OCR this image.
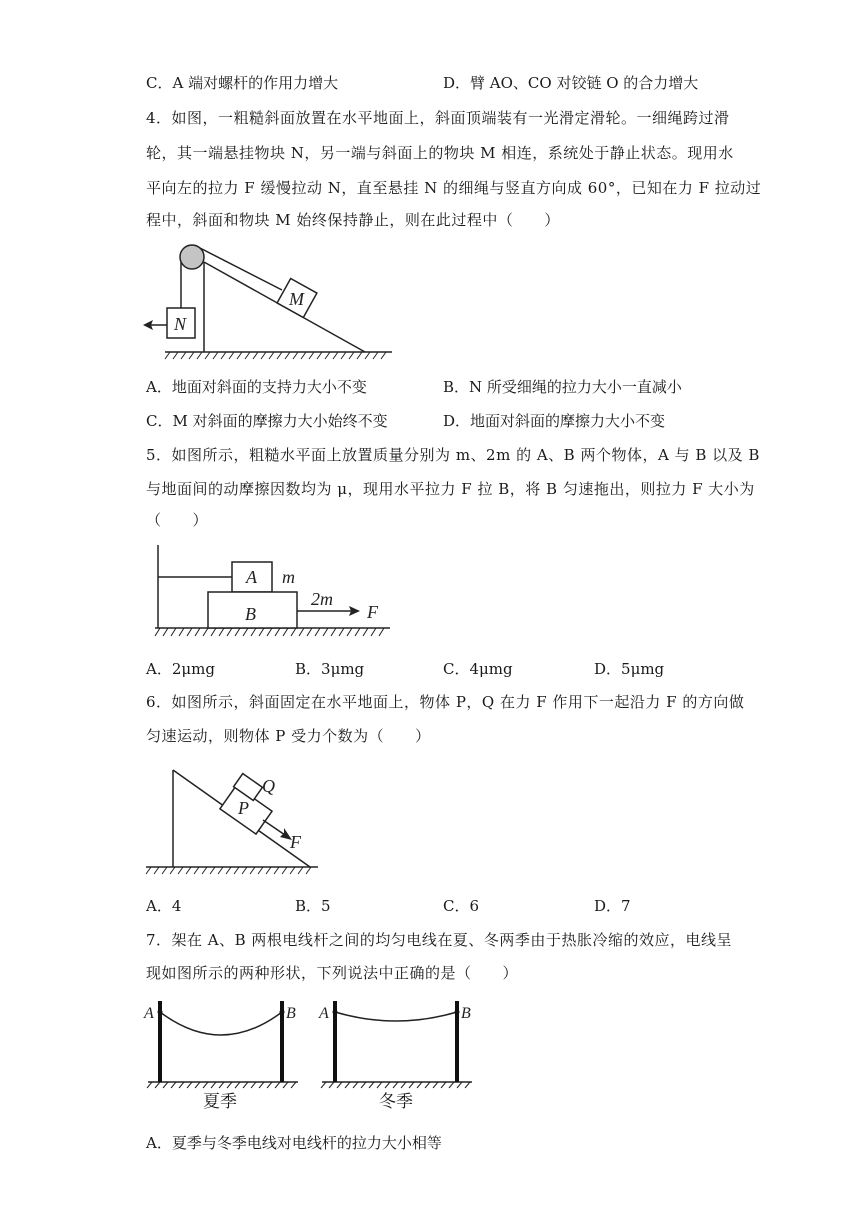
C．A 端对螺杆的作用力增大	D．臂 AO、CO 对铰链 O 的合力增大
4．如图，一粗糙斜面放置在水平地面上，斜面顶端装有一光滑定滑轮。一细绳跨过滑
轮，其一端悬挂物块 N，另一端与斜面上的物块 M 相连，系统处于静止状态。现用水
平向左的拉力 F 缓慢拉动 N，直至悬挂 N 的细绳与竖直方向成 60°，已知在力 F 拉动过
程中，斜面和物块 M 始终保持静止，则在此过程中（　　）
M
N
A．地面对斜面的支持力大小不变	B．N 所受细绳的拉力大小一直减小
C．M 对斜面的摩擦力大小始终不变	D．地面对斜面的摩擦力大小不变
5．如图所示，粗糙水平面上放置质量分别为 m、2m 的 A、B 两个物体，A 与 B 以及 B
与地面间的动摩擦因数均为 μ，现用水平拉力 F 拉 B，将 B 匀速拖出，则拉力 F 大小为
（　　）
A m
B
2m
F
A．2μmg	B．3μmg	C．4μmg	D．5μmg
6．如图所示，斜面固定在水平地面上，物体 P，Q 在力 F 作用下一起沿力 F 的方向做
匀速运动，则物体 P 受力个数为（　　）
Q
P
F
A．4	B．5	C．6	D．7
7．架在 A、B 两根电线杆之间的均匀电线在夏、冬两季由于热胀冷缩的效应，电线呈
现如图所示的两种形状，下列说法中正确的是（　　）
A	B A	B
夏季	冬季
A．夏季与冬季电线对电线杆的拉力大小相等
